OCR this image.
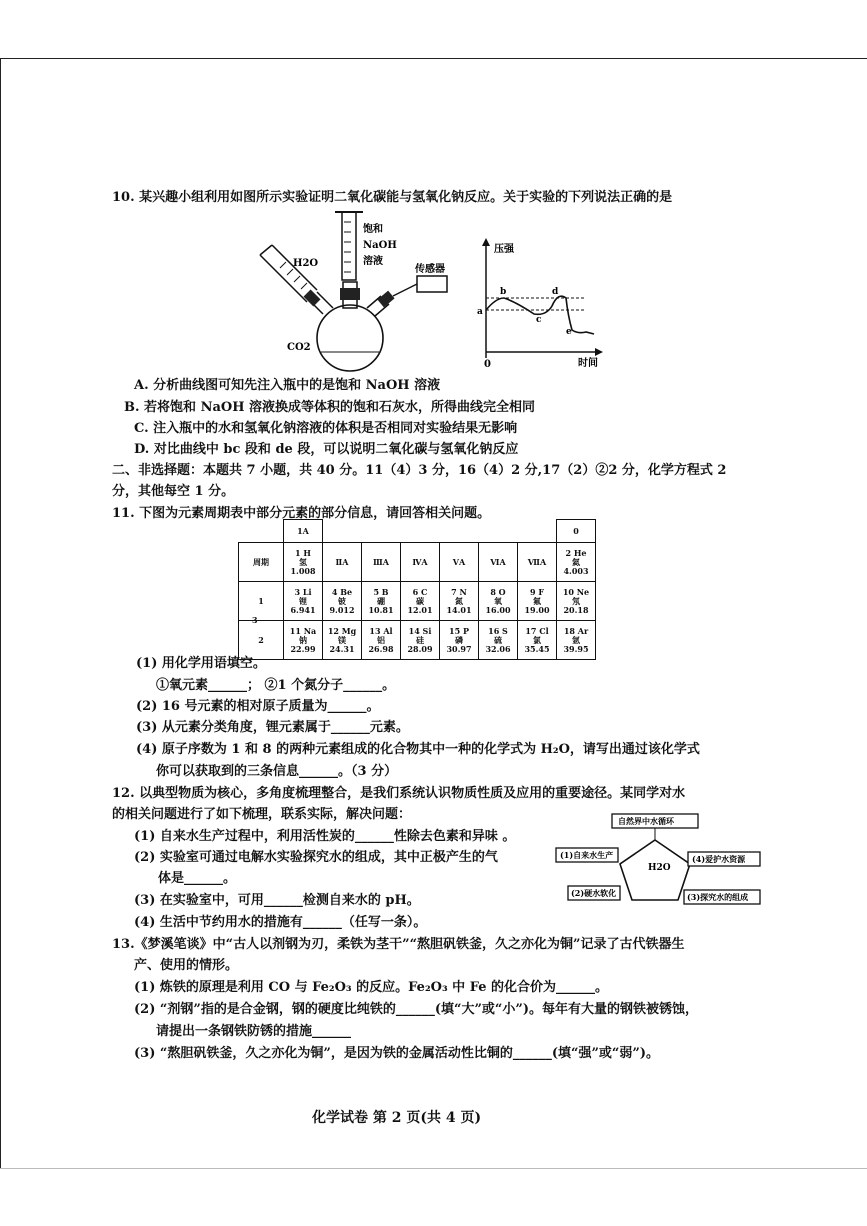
10. 某兴趣小组利用如图所示实验证明二氧化碳能与氢氧化钠反应。关于实验的下列说法正确的是
H2O
饱和
NaOH
溶液
传感器
CO2
压强
时间
0
a
b
c
d
e
A. 分析曲线图可知先注入瓶中的是饱和 NaOH 溶液
B. 若将饱和 NaOH 溶液换成等体积的饱和石灰水，所得曲线完全相同
C. 注入瓶中的水和氢氧化钠溶液的体积是否相同对实验结果无影响
D. 对比曲线中 bc 段和 de 段，可以说明二氧化碳与氢氧化钠反应
二、非选择题：本题共 7 小题，共 40 分。11（4）3 分，16（4）2 分,17（2）②2 分，化学方程式 2
分，其他每空 1 分。
11. 下图为元素周期表中部分元素的部分信息，请回答相关问题。
	1A							0
周期	1 H
氢
1.008	ⅡA	ⅢA	ⅣA	ⅤA	ⅥA	ⅦA	2 He
氦
4.003
1	3 Li
锂
6.941	4 Be
铍
9.012	5 B
硼
10.81	6 C
碳
12.01	7 N
氮
14.01	8 O
氧
16.00	9 F
氟
19.00	10 Ne
氖
20.18
2	11 Na
钠
22.99	12 Mg
镁
24.31	13 Al
铝
26.98	14 Si
硅
28.09	15 P
磷
30.97	16 S
硫
32.06	17 Cl
氯
35.45	18 Ar
氩
39.95
3
(1) 用化学用语填空。
①氧元素______； ②1 个氮分子______。
(2) 16 号元素的相对原子质量为______。
(3) 从元素分类角度，锂元素属于______元素。
(4) 原子序数为 1 和 8 的两种元素组成的化合物其中一种的化学式为 H₂O，请写出通过该化学式
你可以获取到的三条信息______。（3 分）
12. 以典型物质为核心，多角度梳理整合，是我们系统认识物质性质及应用的重要途径。某同学对水
的相关问题进行了如下梳理，联系实际，解决问题：
(1) 自来水生产过程中，利用活性炭的______性除去色素和异味 。
(2) 实验室可通过电解水实验探究水的组成，其中正极产生的气
体是______。
(3) 在实验室中，可用______检测自来水的 pH。
(4) 生活中节约用水的措施有______（任写一条）。
H2O
自然界中水循环
(1)自来水生产	(4)爱护水资源
(2)硬水软化	(3)探究水的组成
13.《梦溪笔谈》中“古人以剂钢为刃，柔铁为茎干”“熬胆矾铁釜，久之亦化为铜”记录了古代铁器生
产、使用的情形。
(1) 炼铁的原理是利用 CO 与 Fe₂O₃ 的反应。Fe₂O₃ 中 Fe 的化合价为______。
(2) “剂钢”指的是合金钢，钢的硬度比纯铁的______(填“大”或“小”)。每年有大量的钢铁被锈蚀，
请提出一条钢铁防锈的措施______
(3) “熬胆矾铁釜，久之亦化为铜”，是因为铁的金属活动性比铜的______(填“强”或“弱”)。
化学试卷 第 2 页(共 4 页)
